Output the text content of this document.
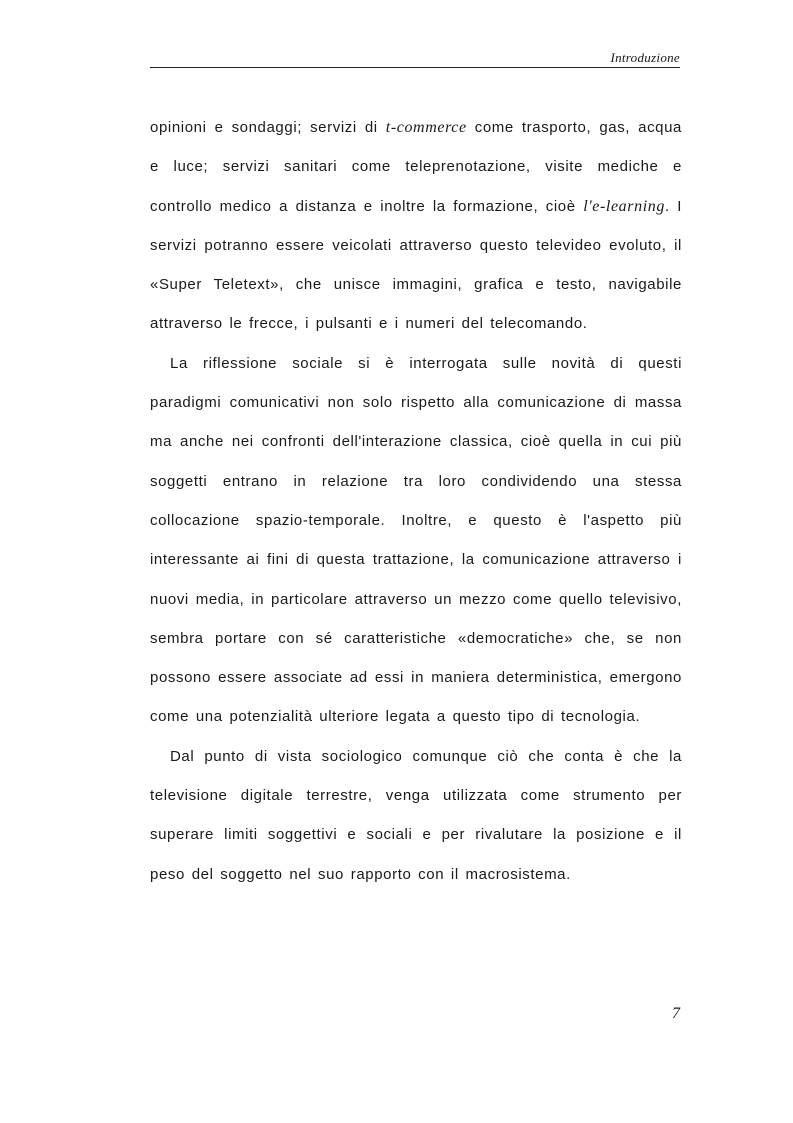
Introduzione

opinioni e sondaggi; servizi di t-commerce come trasporto, gas, acqua e luce; servizi sanitari come teleprenotazione, visite mediche e controllo medico a distanza e inoltre la formazione, cioè l'e-learning. I servizi potranno essere veicolati attraverso questo televideo evoluto, il «Super Teletext», che unisce immagini, grafica e testo, navigabile attraverso le frecce, i pulsanti e i numeri del telecomando.

La riflessione sociale si è interrogata sulle novità di questi paradigmi comunicativi non solo rispetto alla comunicazione di massa ma anche nei confronti dell'interazione classica, cioè quella in cui più soggetti entrano in relazione tra loro condividendo una stessa collocazione spazio-temporale. Inoltre, e questo è l'aspetto più interessante ai fini di questa trattazione, la comunicazione attraverso i nuovi media, in particolare attraverso un mezzo come quello televisivo, sembra portare con sé caratteristiche «democratiche» che, se non possono essere associate ad essi in maniera deterministica, emergono come una potenzialità ulteriore legata a questo tipo di tecnologia.

Dal punto di vista sociologico comunque ciò che conta è che la televisione digitale terrestre, venga utilizzata come strumento per superare limiti soggettivi e sociali e per rivalutare la posizione e il peso del soggetto nel suo rapporto con il macrosistema.

7
